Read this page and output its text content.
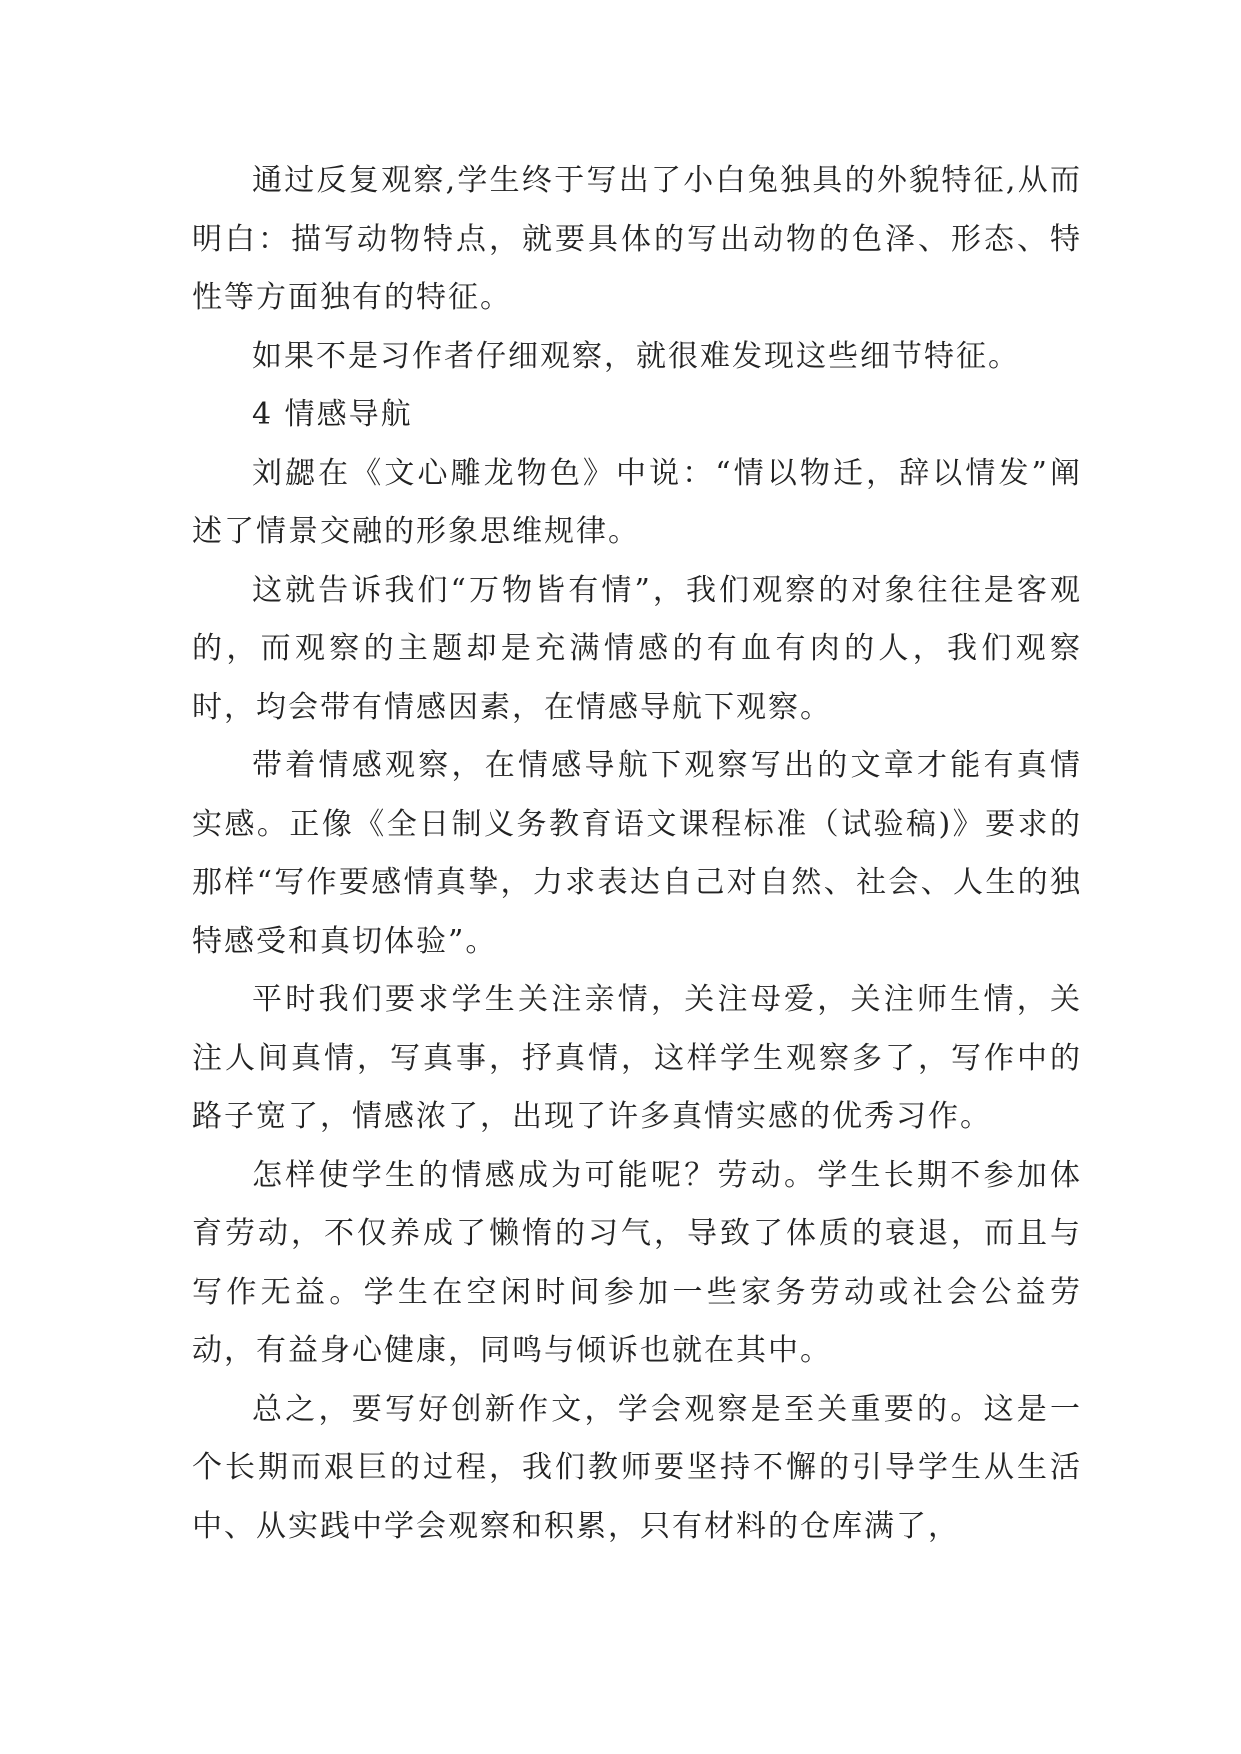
通过反复观察,学生终于写出了小白兔独具的外貌特征,从而明白：描写动物特点，就要具体的写出动物的色泽、形态、特性等方面独有的特征。

如果不是习作者仔细观察，就很难发现这些细节特征。

4 情感导航

刘勰在《文心雕龙物色》中说：“情以物迁，辞以情发”阐述了情景交融的形象思维规律。

这就告诉我们“万物皆有情”，我们观察的对象往往是客观的，而观察的主题却是充满情感的有血有肉的人，我们观察时，均会带有情感因素，在情感导航下观察。

带着情感观察，在情感导航下观察写出的文章才能有真情实感。正像《全日制义务教育语文课程标准（试验稿)》要求的那样“写作要感情真挚，力求表达自己对自然、社会、人生的独特感受和真切体验”。

平时我们要求学生关注亲情，关注母爱，关注师生情，关注人间真情，写真事，抒真情，这样学生观察多了，写作中的路子宽了，情感浓了，出现了许多真情实感的优秀习作。

怎样使学生的情感成为可能呢？劳动。学生长期不参加体育劳动，不仅养成了懒惰的习气，导致了体质的衰退，而且与写作无益。学生在空闲时间参加一些家务劳动或社会公益劳动，有益身心健康，同鸣与倾诉也就在其中。

总之，要写好创新作文，学会观察是至关重要的。这是一个长期而艰巨的过程，我们教师要坚持不懈的引导学生从生活中、从实践中学会观察和积累，只有材料的仓库满了，
